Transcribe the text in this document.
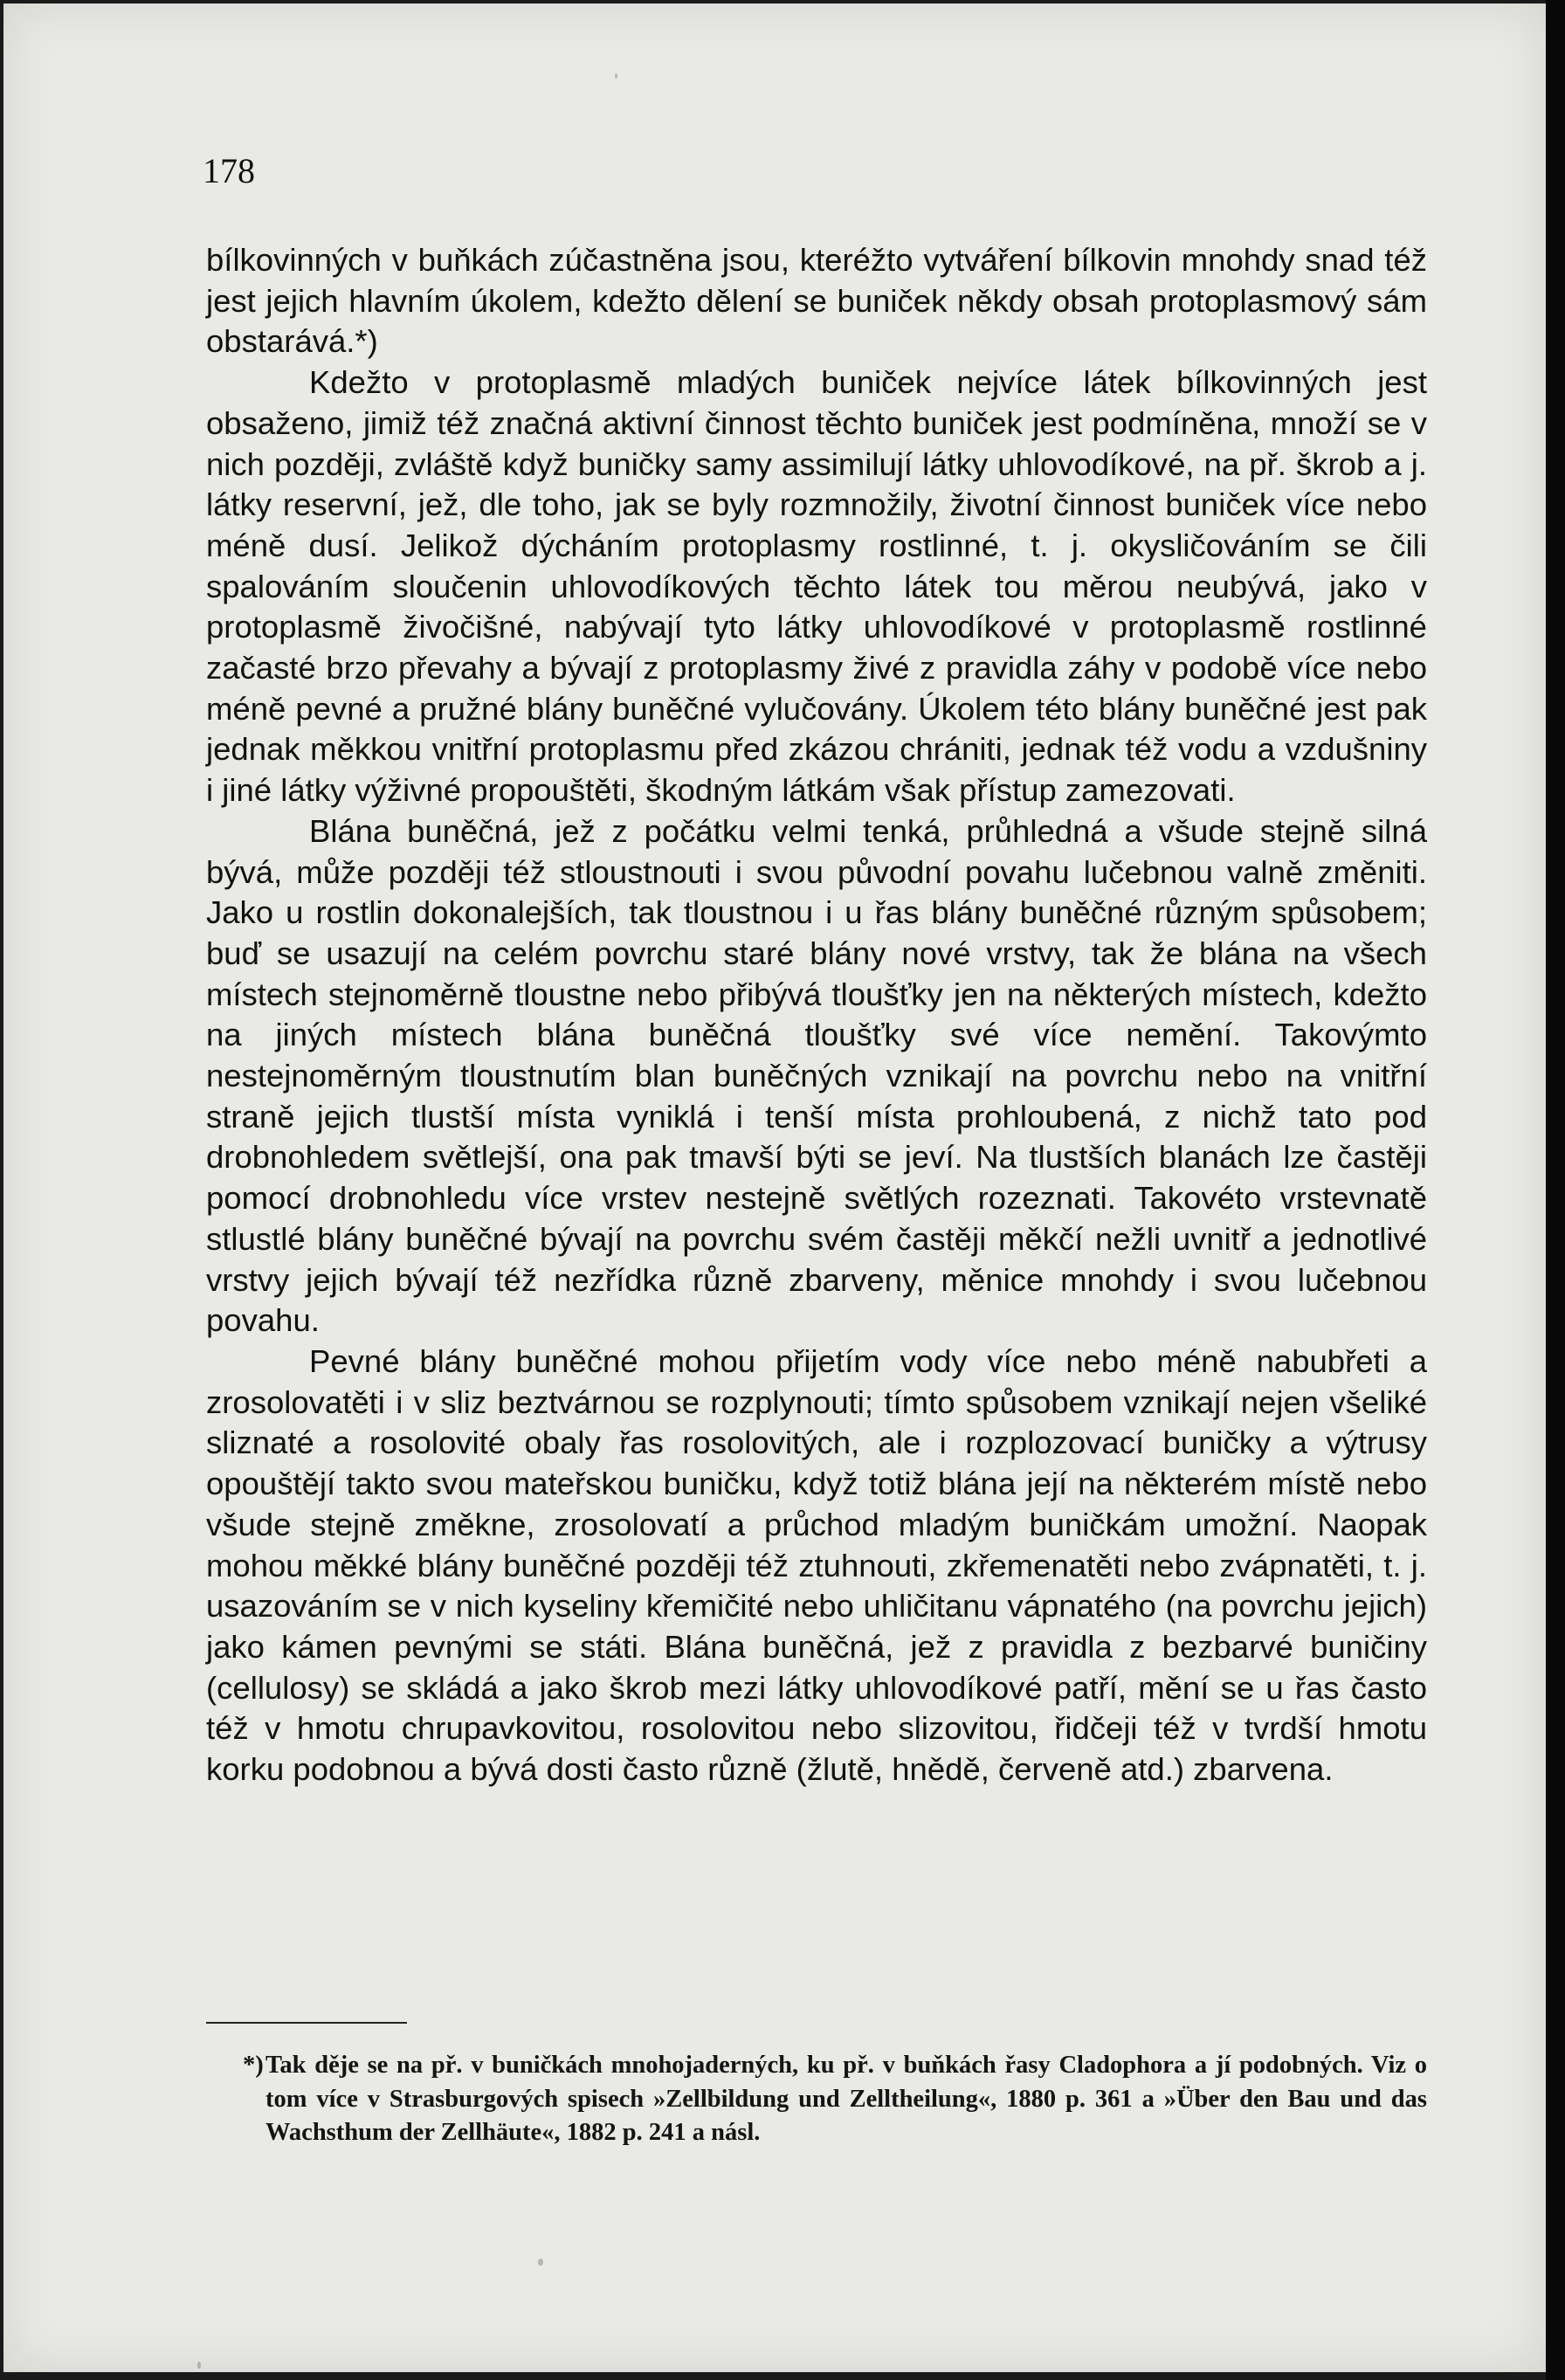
178

bílkovinných v buňkách zúčastněna jsou, kteréžto vytváření bílkovin mnohdy snad též jest jejich hlavním úkolem, kdežto dělení se buniček někdy obsah protoplasmový sám obstarává.*)

Kdežto v protoplasmě mladých buniček nejvíce látek bílkovinných jest obsaženo, jimiž též značná aktivní činnost těchto buniček jest podmíněna, množí se v nich později, zvláště když buničky samy assimilují látky uhlovodíkové, na př. škrob a j. látky reservní, jež, dle toho, jak se byly rozmnožily, životní činnost buniček více nebo méně dusí. Jelikož dýcháním protoplasmy rostlinné, t. j. okysličováním se čili spalováním sloučenin uhlovodíkových těchto látek tou měrou neubývá, jako v protoplasmě živočišné, nabývají tyto látky uhlovodíkové v protoplasmě rostlinné začasté brzo převahy a bývají z protoplasmy živé z pravidla záhy v podobě více nebo méně pevné a pružné blány buněčné vylučovány. Úkolem této blány buněčné jest pak jednak měkkou vnitřní protoplasmu před zkázou chrániti, jednak též vodu a vzdušniny i jiné látky výživné propouštěti, škodným látkám však přístup zamezovati.

Blána buněčná, jež z počátku velmi tenká, průhledná a všude stejně silná bývá, může později též stloustnouti i svou původní povahu lučebnou valně změniti. Jako u rostlin dokonalejších, tak tloustnou i u řas blány buněčné různým spůsobem; buď se usazují na celém povrchu staré blány nové vrstvy, tak že blána na všech místech stejnoměrně tloustne nebo přibývá tloušťky jen na některých místech, kdežto na jiných místech blána buněčná tloušťky své více nemění. Takovýmto nestejnoměrným tloustnutím blan buněčných vznikají na povrchu nebo na vnitřní straně jejich tlustší místa vyniklá i tenší místa prohloubená, z nichž tato pod drobnohledem světlejší, ona pak tmavší býti se jeví. Na tlustších blanách lze častěji pomocí drobnohledu více vrstev nestejně světlých rozeznati. Takovéto vrstevnatě stlustlé blány buněčné bývají na povrchu svém častěji měkčí nežli uvnitř a jednotlivé vrstvy jejich bývají též nezřídka různě zbarveny, měnice mnohdy i svou lučebnou povahu.

Pevné blány buněčné mohou přijetím vody více nebo méně nabubřeti a zrosolovatěti i v sliz beztvárnou se rozplynouti; tímto spůsobem vznikají nejen všeliké sliznaté a rosolovité obaly řas rosolovitých, ale i rozplozovací buničky a výtrusy opouštějí takto svou mateřskou buničku, když totiž blána její na některém místě nebo všude stejně změkne, zrosolovatí a průchod mladým buničkám umožní. Naopak mohou měkké blány buněčné později též ztuhnouti, zkřemenatěti nebo zvápnatěti, t. j. usazováním se v nich kyseliny křemičité nebo uhličitanu vápnatého (na povrchu jejich) jako kámen pevnými se státi. Blána buněčná, jež z pravidla z bezbarvé buničiny (cellulosy) se skládá a jako škrob mezi látky uhlovodíkové patří, mění se u řas často též v hmotu chrupavkovitou, rosolovitou nebo slizovitou, řidčeji též v tvrdší hmotu korku podobnou a bývá dosti často různě (žlutě, hnědě, červeně atd.) zbarvena.

*)Tak děje se na př. v buničkách mnohojaderných, ku př. v buňkách řasy Cladophora a jí podobných. Viz o tom více v Strasburgových spisech »Zellbildung und Zelltheilung«, 1880 p. 361 a »Über den Bau und das Wachsthum der Zellhäute«, 1882 p. 241 a násl.
